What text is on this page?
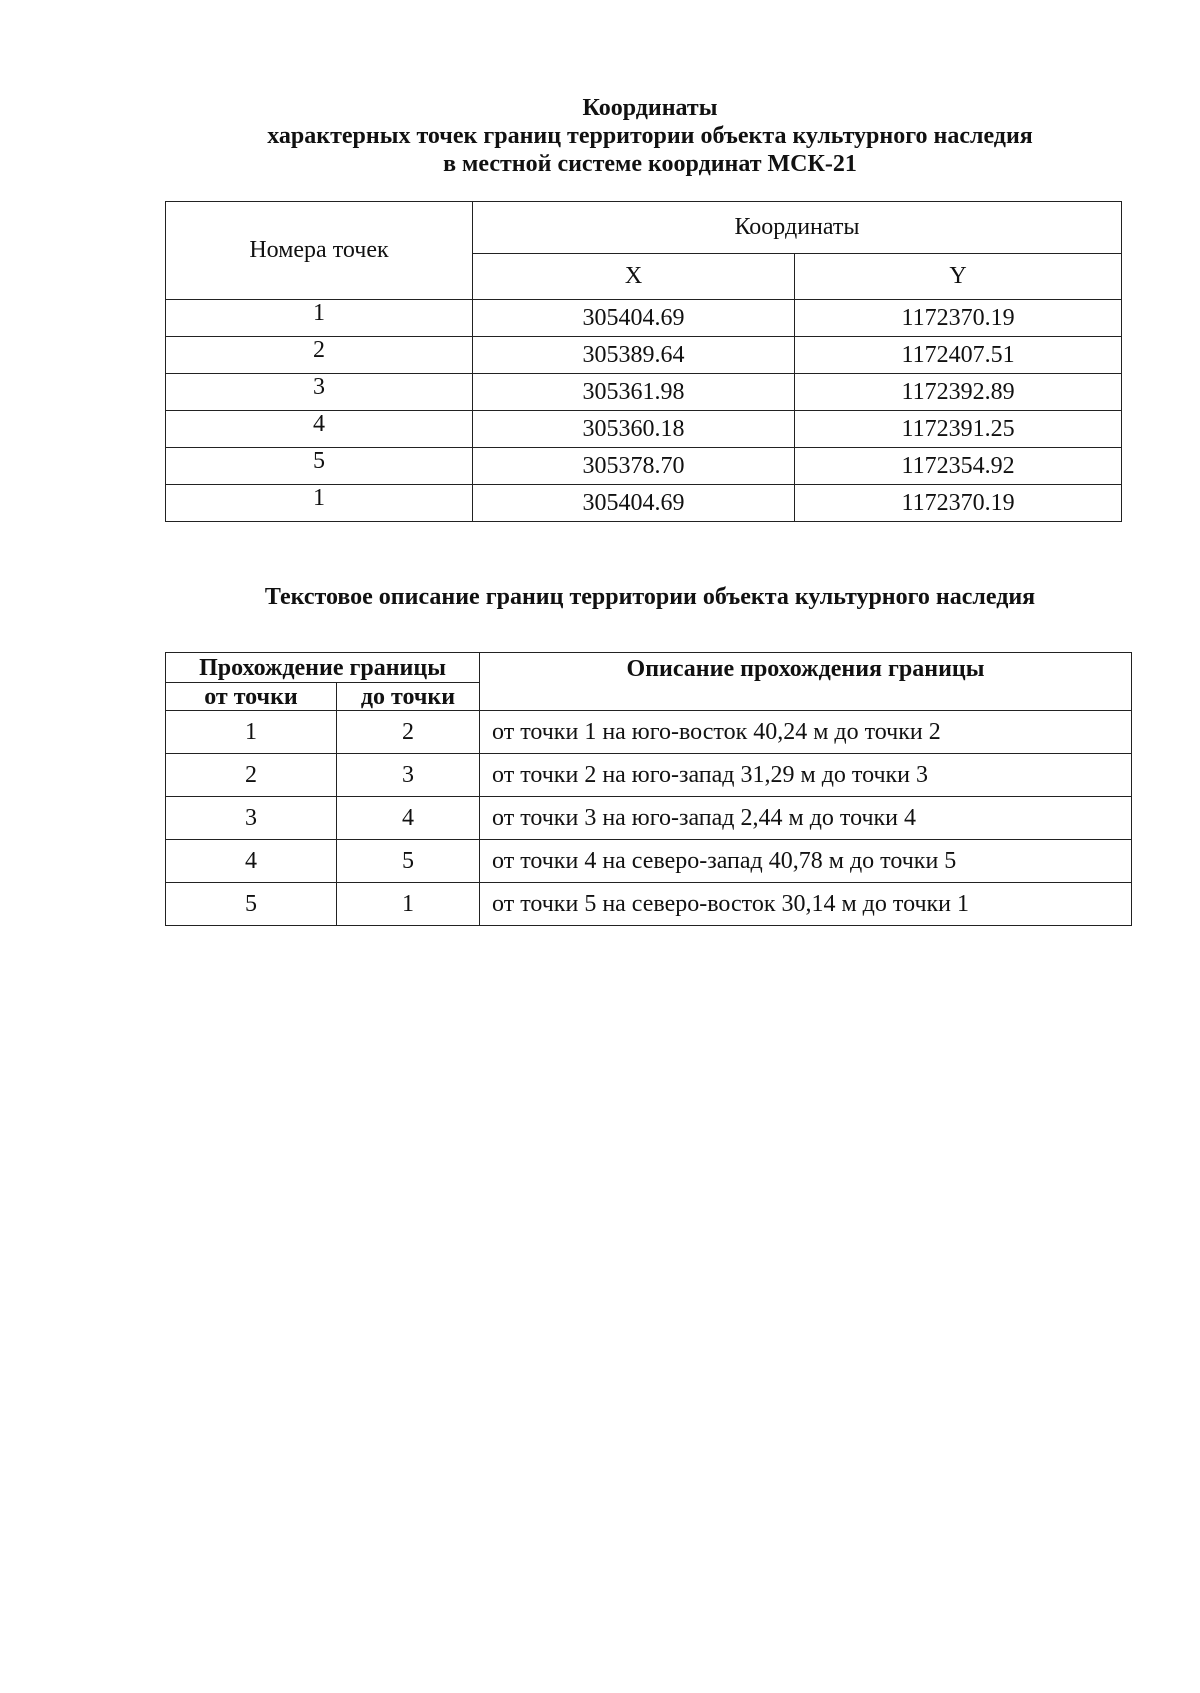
Координаты
характерных точек границ территории объекта культурного наследия
в местной системе координат МСК-21
Номера точек	Координаты	
	X	Y
1	305404.69	1172370.19
2	305389.64	1172407.51
3	305361.98	1172392.89
4	305360.18	1172391.25
5	305378.70	1172354.92
1	305404.69	1172370.19
Текстовое описание границ территории объекта культурного наследия
Прохождение границы		Описание прохождения границы
от точки	до точки	
1	2	от точки 1 на юго-восток 40,24 м до точки 2
2	3	от точки 2 на юго-запад 31,29 м до точки 3
3	4	от точки 3 на юго-запад 2,44 м до точки 4
4	5	от точки 4 на северо-запад 40,78 м до точки 5
5	1	от точки 5 на северо-восток 30,14 м до точки 1
